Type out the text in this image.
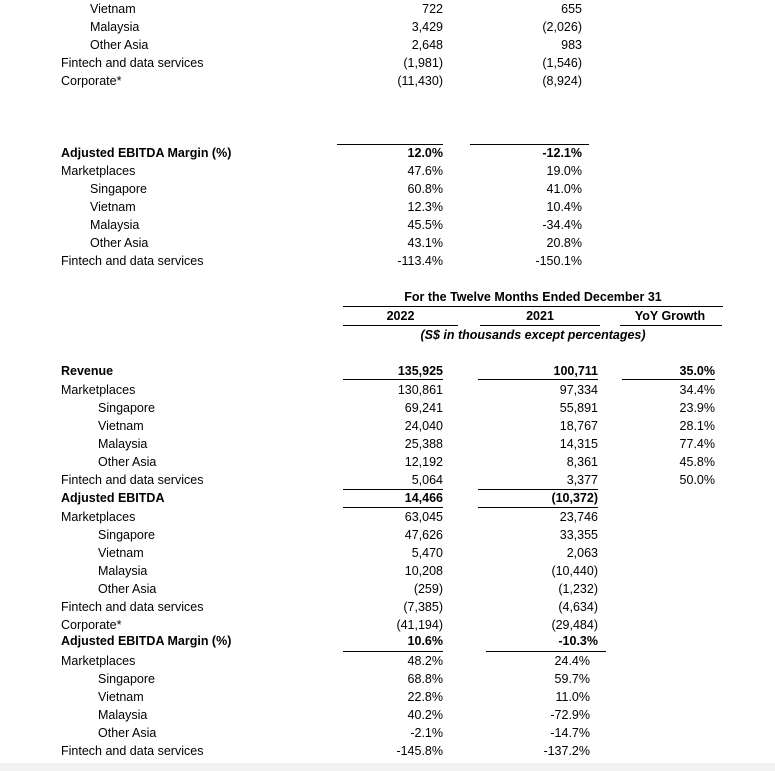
Vietnam	722	655
Malaysia	3,429	(2,026)
Other Asia	2,648	983
Fintech and data services	(1,981)	(1,546)
Corporate*	(11,430)	(8,924)
Adjusted EBITDA Margin (%)	12.0%	-12.1%
Marketplaces	47.6%	19.0%
Singapore	60.8%	41.0%
Vietnam	12.3%	10.4%
Malaysia	45.5%	-34.4%
Other Asia	43.1%	20.8%
Fintech and data services	-113.4%	-150.1%
For the Twelve Months Ended December 31
2022	2021	YoY Growth
(S$ in thousands except percentages)
Revenue	135,925	100,711	35.0%
Marketplaces	130,861	97,334	34.4%
Singapore	69,241	55,891	23.9%
Vietnam	24,040	18,767	28.1%
Malaysia	25,388	14,315	77.4%
Other Asia	12,192	8,361	45.8%
Fintech and data services	5,064	3,377	50.0%
Adjusted EBITDA	14,466	(10,372)
Marketplaces	63,045	23,746
Singapore	47,626	33,355
Vietnam	5,470	2,063
Malaysia	10,208	(10,440)
Other Asia	(259)	(1,232)
Fintech and data services	(7,385)	(4,634)
Corporate*	(41,194)	(29,484)
Adjusted EBITDA Margin (%)	10.6%	-10.3%
Marketplaces	48.2%	24.4%
Singapore	68.8%	59.7%
Vietnam	22.8%	11.0%
Malaysia	40.2%	-72.9%
Other Asia	-2.1%	-14.7%
Fintech and data services	-145.8%	-137.2%
